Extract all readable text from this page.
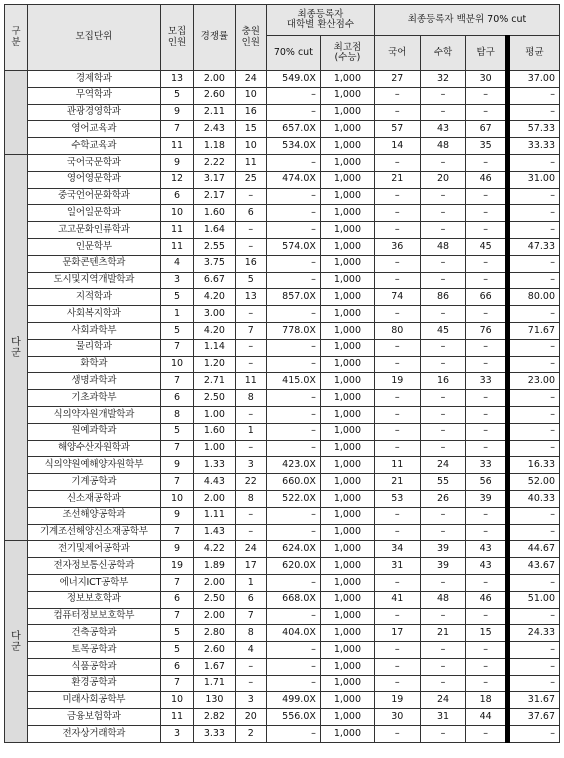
구
분	모집단위	모집
인원	경쟁률	충원
인원	최종등록자
대학별 환산점수		최종등록자 백분위 70% cut			
					70% cut	최고점
(수능)	국어	수학	탐구	평균
	경제학과	13	2.00	24	549.0X	1,000	27	32	30	37.00
	무역학과	5	2.60	10	–	1,000	–	–	–	–
	관광경영학과	9	2.11	16	–	1,000	–	–	–	–
	영어교육과	7	2.43	15	657.0X	1,000	57	43	67	57.33
	수학교육과	11	1.18	10	534.0X	1,000	14	48	35	33.33
다
군	국어국문학과	9	2.22	11	–	1,000	–	–	–	–
	영어영문학과	12	3.17	25	474.0X	1,000	21	20	46	31.00
	중국언어문화학과	6	2.17	–	–	1,000	–	–	–	–
	일어일문학과	10	1.60	6	–	1,000	–	–	–	–
	고고문화인류학과	11	1.64	–	–	1,000	–	–	–	–
	인문학부	11	2.55	–	574.0X	1,000	36	48	45	47.33
	문화콘텐츠학과	4	3.75	16	–	1,000	–	–	–	–
	도시및지역개발학과	3	6.67	5	–	1,000	–	–	–	–
	지적학과	5	4.20	13	857.0X	1,000	74	86	66	80.00
	사회복지학과	1	3.00	–	–	1,000	–	–	–	–
	사회과학부	5	4.20	7	778.0X	1,000	80	45	76	71.67
	물리학과	7	1.14	–	–	1,000	–	–	–	–
	화학과	10	1.20	–	–	1,000	–	–	–	–
	생명과학과	7	2.71	11	415.0X	1,000	19	16	33	23.00
	기초과학부	6	2.50	8	–	1,000	–	–	–	–
	식의약자원개발학과	8	1.00	–	–	1,000	–	–	–	–
	원예과학과	5	1.60	1	–	1,000	–	–	–	–
	해양수산자원학과	7	1.00	–	–	1,000	–	–	–	–
	식의약원예해양자원학부	9	1.33	3	423.0X	1,000	11	24	33	16.33
	기계공학과	7	4.43	22	660.0X	1,000	21	55	56	52.00
	신소재공학과	10	2.00	8	522.0X	1,000	53	26	39	40.33
	조선해양공학과	9	1.11	–	–	1,000	–	–	–	–
	기계조선해양신소재공학부	7	1.43	–	–	1,000	–	–	–	–
다
군	전기및제어공학과	9	4.22	24	624.0X	1,000	34	39	43	44.67
	전자정보통신공학과	19	1.89	17	620.0X	1,000	31	39	43	43.67
	에너지ICT공학부	7	2.00	1	–	1,000	–	–	–	–
	정보보호학과	6	2.50	6	668.0X	1,000	41	48	46	51.00
	컴퓨터정보보호학부	7	2.00	7	–	1,000	–	–	–	–
	건축공학과	5	2.80	8	404.0X	1,000	17	21	15	24.33
	토목공학과	5	2.60	4	–	1,000	–	–	–	–
	식품공학과	6	1.67	–	–	1,000	–	–	–	–
	환경공학과	7	1.71	–	–	1,000	–	–	–	–
	미래사회공학부	10	130	3	499.0X	1,000	19	24	18	31.67
	금융보험학과	11	2.82	20	556.0X	1,000	30	31	44	37.67
	전자상거래학과	3	3.33	2	–	1,000	–	–	–	–
